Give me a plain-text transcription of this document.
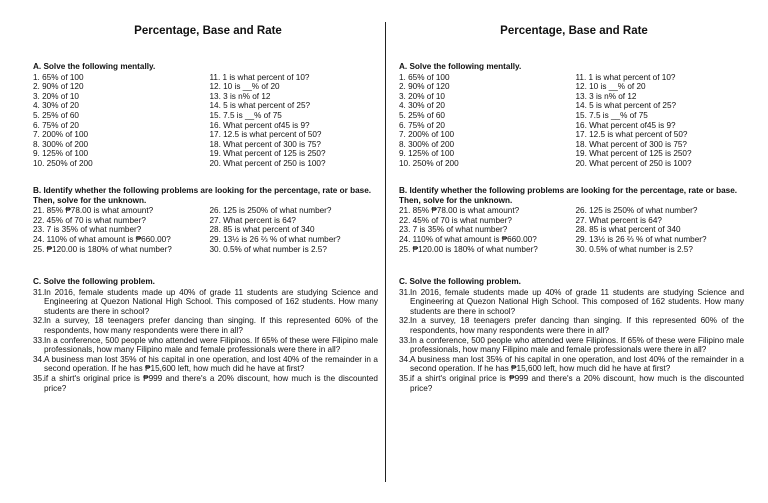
Percentage, Base and Rate
A. Solve the following mentally.
1. 65% of 100
2. 90% of 120
3. 20% of 10
4. 30% of 20
5. 25% of 60
6. 75% of 20
7. 200% of 100
8. 300% of 200
9. 125% of 100
10. 250% of 200
11. 1 is what percent of 10?
12. 10 is __% of 20
13. 3 is n% of 12
14. 5 is what percent of 25?
15. 7.5 is __% of 75
16. What percent of45 is 9?
17. 12.5 is what percent of 50?
18. What percent of 300 is 75?
19. What percent of 125 is 250?
20. What percent of 250 is 100?
B. Identify whether the following problems are looking for the percentage, rate or base. Then, solve for the unknown.
21. 85% ₱78.00 is what amount?
22. 45% of 70 is what number?
23. 7 is 35% of what number?
24. 110% of what amount is ₱660.00?
25. ₱120.00 is 180% of what number?
26. 125 is 250% of what number?
27. What percent is 64?
28. 85 is what percent of 340
29. 13½ is 26 ⅔ % of what number?
30. 0.5% of what number is 2.5?
C. Solve the following problem.
31. In 2016, female students made up 40% of grade 11 students are studying Science and Engineering at Quezon National High School. This composed of 162 students. How many students are there in school?
32. In a survey, 18 teenagers prefer dancing than singing. If this represented 60% of the respondents, how many respondents were there in all?
33. In a conference, 500 people who attended were Filipinos. If 65% of these were Filipino male professionals, how many Filipino male and female professionals were there in all?
34. A business man lost 35% of his capital in one operation, and lost 40% of the remainder in a second operation. If he has ₱15,600 left, how much did he have at first?
35. if a shirt's original price is ₱999 and there's a 20% discount, how much is the discounted price?
Percentage, Base and Rate
A. Solve the following mentally.
1. 65% of 100
2. 90% of 120
3. 20% of 10
4. 30% of 20
5. 25% of 60
6. 75% of 20
7. 200% of 100
8. 300% of 200
9. 125% of 100
10. 250% of 200
11. 1 is what percent of 10?
12. 10 is __% of 20
13. 3 is n% of 12
14. 5 is what percent of 25?
15. 7.5 is __% of 75
16. What percent of45 is 9?
17. 12.5 is what percent of 50?
18. What percent of 300 is 75?
19. What percent of 125 is 250?
20. What percent of 250 is 100?
B. Identify whether the following problems are looking for the percentage, rate or base. Then, solve for the unknown.
21. 85% ₱78.00 is what amount?
22. 45% of 70 is what number?
23. 7 is 35% of what number?
24. 110% of what amount is ₱660.00?
25. ₱120.00 is 180% of what number?
26. 125 is 250% of what number?
27. What percent is 64?
28. 85 is what percent of 340
29. 13½ is 26 ⅔ % of what number?
30. 0.5% of what number is 2.5?
C. Solve the following problem.
31. In 2016, female students made up 40% of grade 11 students are studying Science and Engineering at Quezon National High School. This composed of 162 students. How many students are there in school?
32. In a survey, 18 teenagers prefer dancing than singing. If this represented 60% of the respondents, how many respondents were there in all?
33. In a conference, 500 people who attended were Filipinos. If 65% of these were Filipino male professionals, how many Filipino male and female professionals were there in all?
34. A business man lost 35% of his capital in one operation, and lost 40% of the remainder in a second operation. If he has ₱15,600 left, how much did he have at first?
35. if a shirt's original price is ₱999 and there's a 20% discount, how much is the discounted price?
